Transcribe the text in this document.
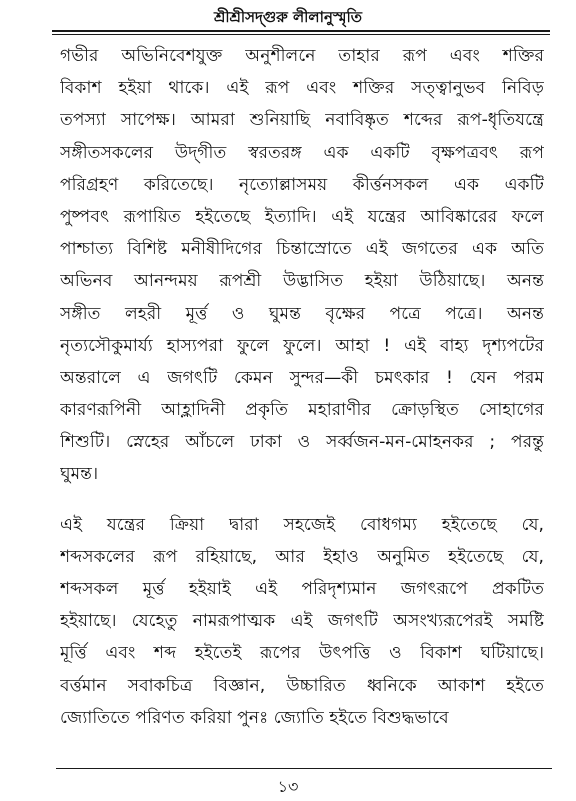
শ্রীশ্রীসদ্‌গুরু লীলানুস্মৃতি
গভীর অভিনিবেশযুক্ত অনুশীলনে তাহার রূপ এবং শক্তির
বিকাশ হইয়া থাকে। এই রূপ এবং শক্তির সত্ত্বানুভব নিবিড়
তপস্যা সাপেক্ষ। আমরা শুনিয়াছি নবাবিষ্কৃত শব্দের রূপ-ধৃতিযন্ত্রে
সঙ্গীতসকলের উদ্‌গীত স্বরতরঙ্গ এক একটি বৃক্ষপত্রবৎ রূপ
পরিগ্রহণ করিতেছে। নৃত্যোল্লাসময় কীর্ত্তনসকল এক একটি
পুষ্পবৎ রূপায়িত হইতেছে ইত্যাদি। এই যন্ত্রের আবিষ্কারের ফলে
পাশ্চাত্য বিশিষ্ট মনীষীদিগের চিন্তাস্রোতে এই জগতের এক অতি
অভিনব আনন্দময় রূপশ্রী উদ্ভাসিত হইয়া উঠিয়াছে। অনন্ত
সঙ্গীত লহরী মূর্ত্ত ও ঘুমন্ত বৃক্ষের পত্রে পত্রে। অনন্ত
নৃত্যসৌকুমার্য্য হাস্যপরা ফুলে ফুলে। আহা ! এই বাহ্য দৃশ্যপটের
অন্তরালে এ জগৎটি কেমন সুন্দর—কী চমৎকার ! যেন পরম
কারণরূপিনী আহ্লাদিনী প্রকৃতি মহারাণীর ক্রোড়স্থিত সোহাগের
শিশুটি। স্নেহের আঁচলে ঢাকা ও সর্ব্বজন-মন-মোহনকর ; পরন্তু
ঘুমন্ত।
এই যন্ত্রের ক্রিয়া দ্বারা সহজেই বোধগম্য হইতেছে যে,
শব্দসকলের রূপ রহিয়াছে, আর ইহাও অনুমিত হইতেছে যে,
শব্দসকল মূর্ত্ত হইয়াই এই পরিদৃশ্যমান জগৎরূপে প্রকটিত
হইয়াছে। যেহেতু নামরূপাত্মক এই জগৎটি অসংখ্যরূপেরই সমষ্টি
মূর্ত্তি এবং শব্দ হইতেই রূপের উৎপত্তি ও বিকাশ ঘটিয়াছে।
বর্ত্তমান সবাকচিত্র বিজ্ঞান, উচ্চারিত ধ্বনিকে আকাশ হইতে
জ্যোতিতে পরিণত করিয়া পুনঃ জ্যোতি হইতে বিশুদ্ধভাবে
১৩
